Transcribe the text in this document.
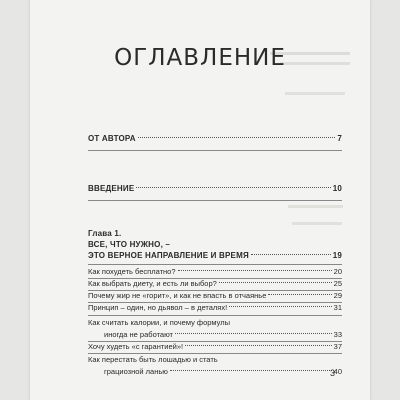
ОГЛАВЛЕНИЕ
ОТ АВТОРА	7
ВВЕДЕНИЕ	10
Глава 1.
ВСЕ, ЧТО НУЖНО, –
ЭТО ВЕРНОЕ НАПРАВЛЕНИЕ И ВРЕМЯ	19
Как похудеть бесплатно?	20
Как выбрать диету, и есть ли выбор?	25
Почему жир не «горит», и как не впасть в отчаянье	29
Принцип – один, но дьявол – в деталях!	31
Как считать калории, и почему формулы
иногда не работают	33
Хочу худеть «с гарантией»!	37
Как перестать быть лошадью и стать
грациозной ланью	40
3
